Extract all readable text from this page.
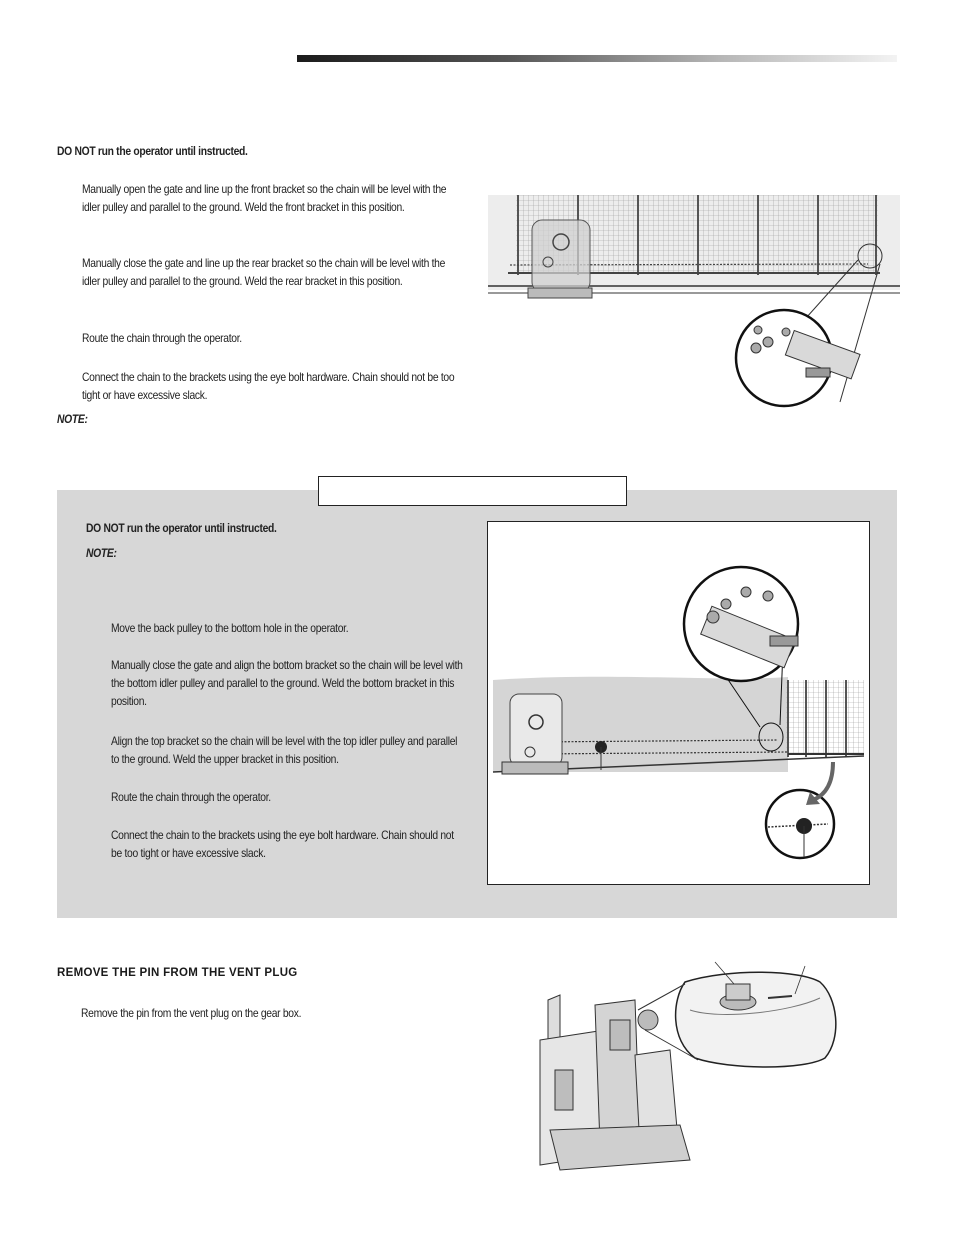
DO NOT run the operator until instructed.
Manually open the gate and line up the front bracket so the chain will be level with the idler pulley and parallel to the ground. Weld the front bracket in this position.
Manually close the gate and line up the rear bracket so the chain will be level with the idler pulley and parallel to the ground. Weld the rear bracket in this position.
Route the chain through the operator.
Connect the chain to the brackets using the eye bolt hardware. Chain should not be too tight or have excessive slack.
NOTE:
DO NOT run the operator until instructed.
NOTE:
Move the back pulley to the bottom hole in the operator.
Manually close the gate and align the bottom bracket so the chain will be level with the bottom idler pulley and parallel to the ground. Weld the bottom bracket in this position.
Align the top bracket so the chain will be level with the top idler pulley and parallel to the ground. Weld the upper bracket in this position.
Route the chain through the operator.
Connect the chain to the brackets using the eye bolt hardware. Chain should not be too tight or have excessive slack.
REMOVE THE PIN FROM THE VENT PLUG
Remove the pin from the vent plug on the gear box.
